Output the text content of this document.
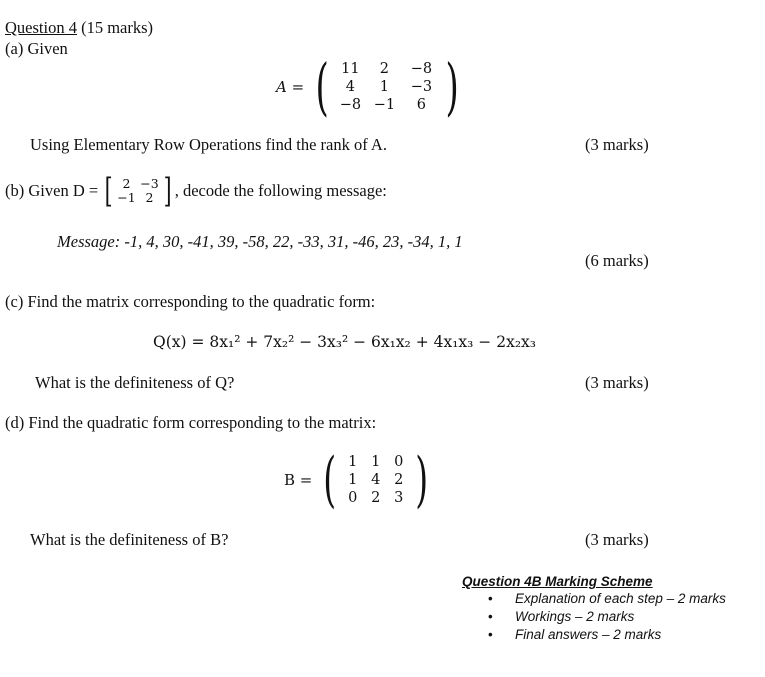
Question 4 (15 marks)
(a) Given
A = ( 11	2	−8
4	1	−3
−8 −1	6 )
Using Elementary Row Operations find the rank of A.	(3 marks)
(b) Given D = [ 2 −3
−1 2 ] , decode the following message:
Message: -1, 4, 30, -41, 39, -58, 22, -33, 31, -46, 23, -34, 1, 1
(6 marks)
(c) Find the matrix corresponding to the quadratic form:
Q(x) = 8x₁² + 7x₂² − 3x₃² − 6x₁x₂ + 4x₁x₃ − 2x₂x₃
What is the definiteness of Q?	(3 marks)
(d) Find the quadratic form corresponding to the matrix:
B = ( 1 1 0
1 4 2
0 2 3 )
What is the definiteness of B?	(3 marks)
Question 4B Marking Scheme
• Explanation of each step – 2 marks
• Workings – 2 marks
• Final answers – 2 marks
